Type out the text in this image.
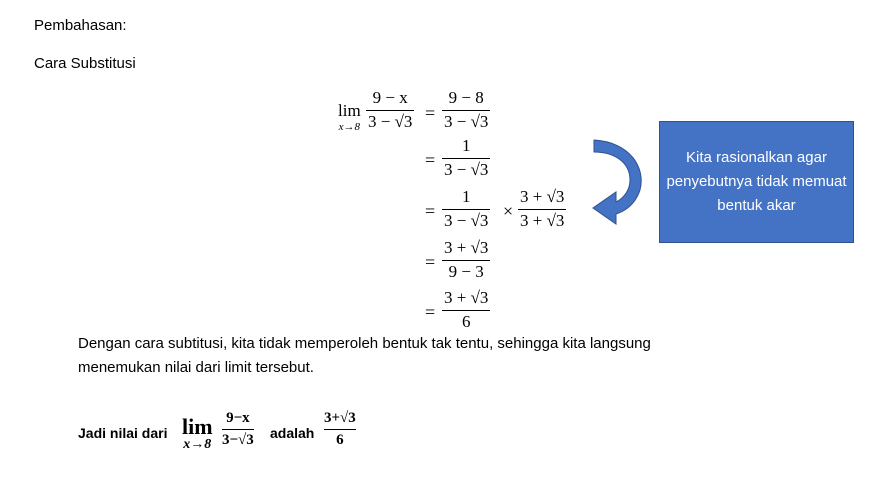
Pembahasan:
Cara Substitusi
lim
x→8
9 − x
3 − √3 =
9 − 8
3 − √3
=
1
3 − √3
=
1
3 − √3 ×
3 + √3
3 + √3
=
3 + √3
9 − 3
=
3 + √3
6
Kita rasionalkan agar penyebutnya tidak memuat bentuk akar
Dengan cara subtitusi, kita tidak memperoleh bentuk tak tentu, sehingga kita langsung
menemukan nilai dari limit tersebut.
Jadi nilai dari lim
x→8
9−x
3−√3 adalah
3+√3
6
